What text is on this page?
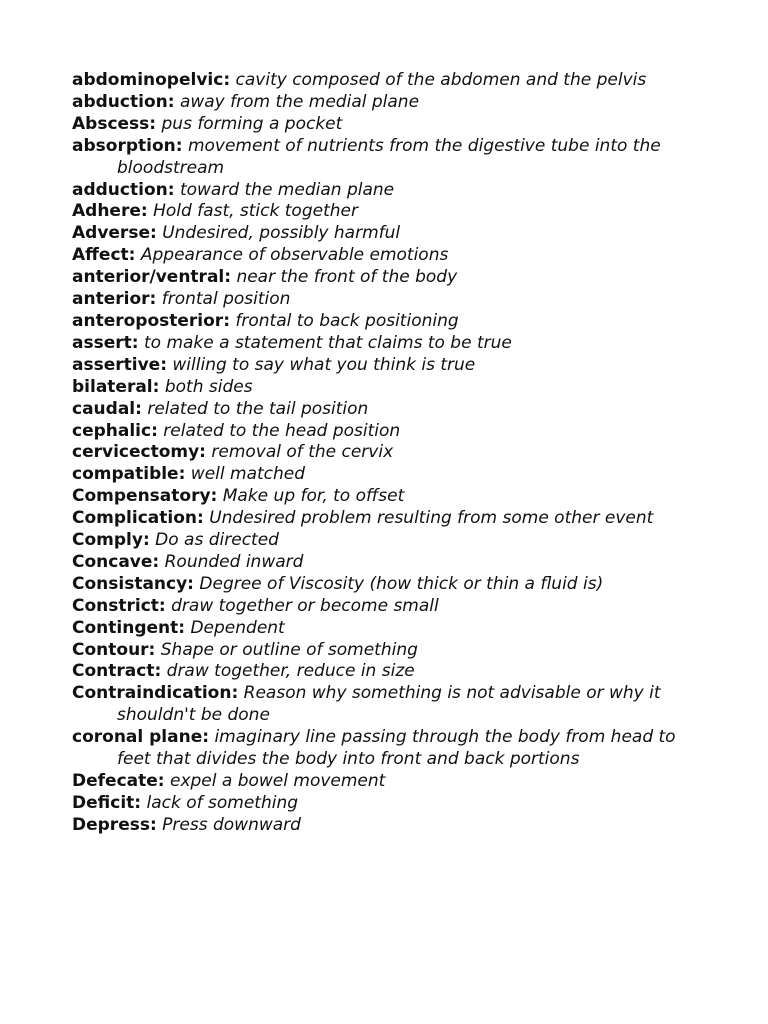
abdominopelvic: cavity composed of the abdomen and the pelvis

abduction: away from the medial plane

Abscess: pus forming a pocket

absorption: movement of nutrients from the digestive tube into the bloodstream

adduction: toward the median plane

Adhere: Hold fast, stick together

Adverse: Undesired, possibly harmful

Affect: Appearance of observable emotions

anterior/ventral: near the front of the body

anterior: frontal position

anteroposterior: frontal to back positioning

assert: to make a statement that claims to be true

assertive: willing to say what you think is true

bilateral: both sides

caudal: related to the tail position

cephalic: related to the head position

cervicectomy: removal of the cervix

compatible: well matched

Compensatory: Make up for, to offset

Complication: Undesired problem resulting from some other event

Comply: Do as directed

Concave: Rounded inward

Consistancy: Degree of Viscosity (how thick or thin a fluid is)

Constrict: draw together or become small

Contingent: Dependent

Contour: Shape or outline of something

Contract: draw together, reduce in size

Contraindication: Reason why something is not advisable or why it shouldn't be done

coronal plane: imaginary line passing through the body from head to feet that divides the body into front and back portions

Defecate: expel a bowel movement

Deficit: lack of something

Depress: Press downward
